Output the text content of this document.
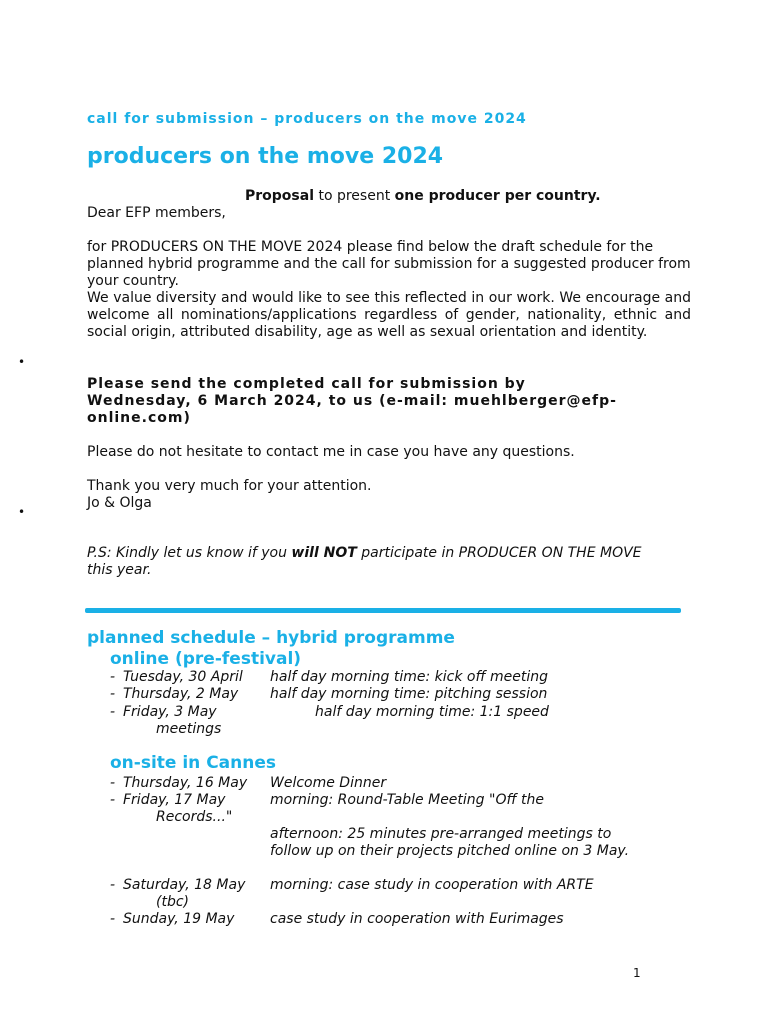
call for submission – producers on the move 2024

producers on the move 2024

Proposal to present one producer per country.

Dear EFP members,

for PRODUCERS ON THE MOVE 2024 please find below the draft schedule for the planned hybrid programme and the call for submission for a suggested producer from your country.

We value diversity and would like to see this reflected in our work. We encourage and welcome all nominations/applications regardless of gender, nationality, ethnic and social origin, attributed disability, age as well as sexual orientation and identity.

•
Please send the completed call for submission by
Wednesday, 6 March 2024, to us (e-mail: muehlberger@efp-
online.com)

Please do not hesitate to contact me in case you have any questions.

Thank you very much for your attention.

Jo & Olga

•

P.S: Kindly let us know if you will NOT participate in PRODUCER ON THE MOVE this year.

planned schedule – hybrid programme
online (pre-festival)
- Tuesday, 30 April half day morning time: kick off meeting
- Thursday, 2 May half day morning time: pitching session
- Friday, 3 May	half day morning time: 1:1 speed
meetings
on-site in Cannes
- Thursday, 16 May Welcome Dinner
- Friday, 17 May	morning: Round-Table Meeting "Off the
Records..."
afternoon: 25 minutes pre-arranged meetings to follow up on their projects pitched online on 3 May.
- Saturday, 18 May morning: case study in cooperation with ARTE
(tbc)
- Sunday, 19 May	case study in cooperation with Eurimages
1
